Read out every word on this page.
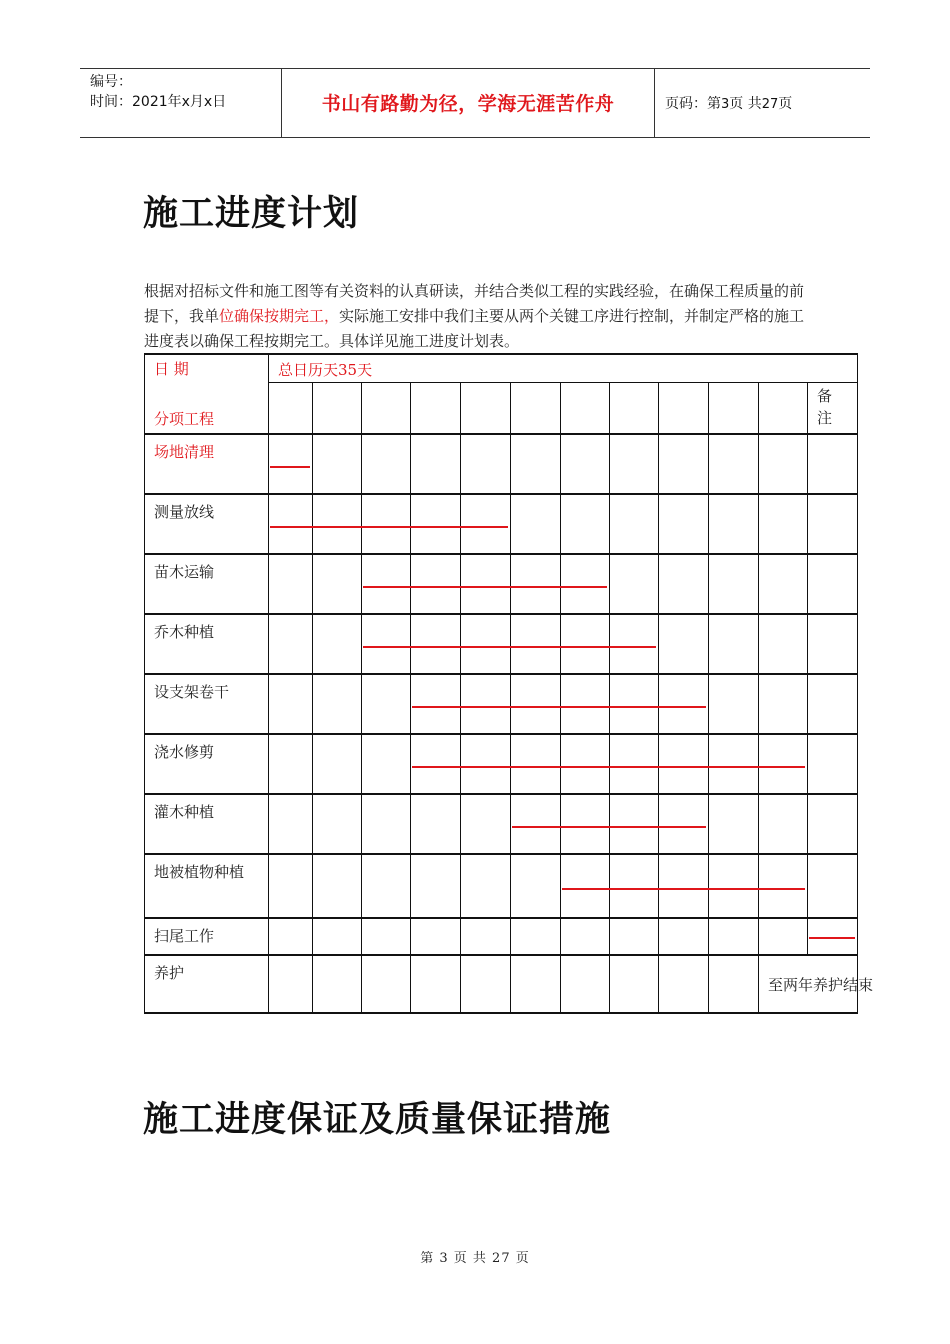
编号：
时间：2021年x月x日	书山有路勤为径，学海无涯苦作舟	页码：第3页 共27页
施工进度计划
根据对招标文件和施工图等有关资料的认真研读，并结合类似工程的实践经验，在确保工程质量的前提下，我单位确保按期完工，实际施工安排中我们主要从两个关键工序进行控制，并制定严格的施工进度表以确保工程按期完工。具体详见施工进度计划表。
备
注
日 期
分项工程
总日历天35天
场地清理
测量放线
苗木运输
乔木种植
设支架卷干
浇水修剪
灌木种植
地被植物种植
扫尾工作
养护
至两年养护结束
施工进度保证及质量保证措施
第 3 页 共 27 页
